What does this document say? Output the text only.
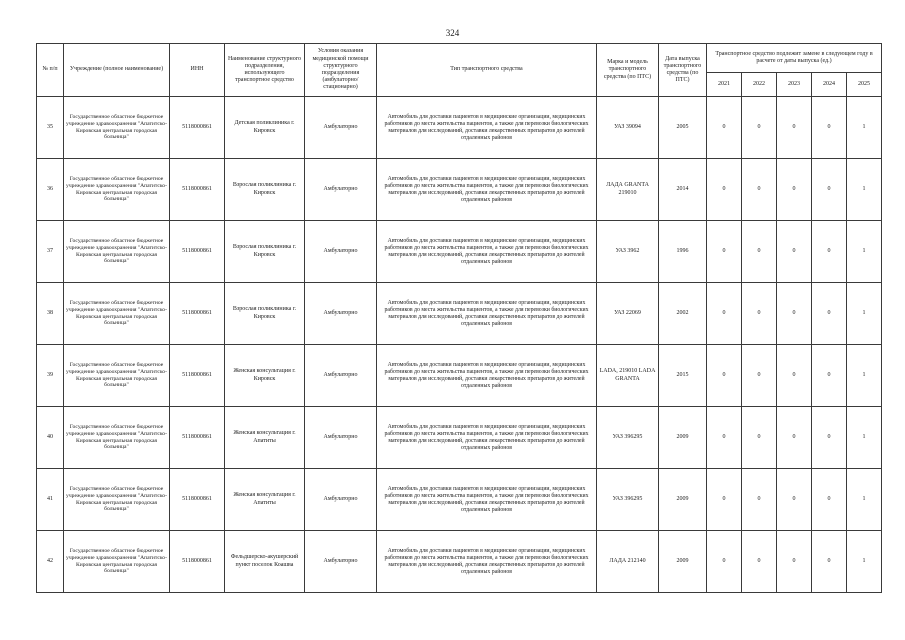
324
№ п/п	Учреждение (полное наименование)	ИНН	Наименование структурного подразделения, использующего транспортное средство	Условия оказания медицинской помощи структурного подразделения (амбулаторно/ стационарно)	Тип транспортного средства	Марка и модель транспортного средства (по ПТС)	Дата выпуска транспортного средства (по ПТС)	Транспортное средство подлежит замене в следующем году в расчете от даты выпуска (ед.)				
								2021	2022	2023	2024	2025
35	Государственное областное бюджетное учреждение здравоохранения "Апатитско-Кировская центральная городская больница"	5118000861	Детская поликлиника г. Кировск	Амбулаторно	Автомобиль для доставки пациентов в медицинские организации, медицинских работников до места жительства пациентов, а также для перевозки биологических материалов для исследований, доставки лекарственных препаратов до жителей отдаленных районов	УАЗ 39094	2005	0	0	0	0	1
36	Государственное областное бюджетное учреждение здравоохранения "Апатитско-Кировская центральная городская больница"	5118000861	Взрослая поликлиника г. Кировск	Амбулаторно	Автомобиль для доставки пациентов в медицинские организации, медицинских работников до места жительства пациентов, а также для перевозки биологических материалов для исследований, доставки лекарственных препаратов до жителей отдаленных районов	ЛАДА GRANTA 219010	2014	0	0	0	0	1
37	Государственное областное бюджетное учреждение здравоохранения "Апатитско-Кировская центральная городская больница"	5118000861	Взрослая поликлиника г. Кировск	Амбулаторно	Автомобиль для доставки пациентов в медицинские организации, медицинских работников до места жительства пациентов, а также для перевозки биологических материалов для исследований, доставки лекарственных препаратов до жителей отдаленных районов	УАЗ 3962	1996	0	0	0	0	1
38	Государственное областное бюджетное учреждение здравоохранения "Апатитско-Кировская центральная городская больница"	5118000861	Взрослая поликлиника г. Кировск	Амбулаторно	Автомобиль для доставки пациентов в медицинские организации, медицинских работников до места жительства пациентов, а также для перевозки биологических материалов для исследований, доставки лекарственных препаратов до жителей отдаленных районов	УАЗ 22069	2002	0	0	0	0	1
39	Государственное областное бюджетное учреждение здравоохранения "Апатитско-Кировская центральная городская больница"	5118000861	Женская консультация г. Кировск	Амбулаторно	Автомобиль для доставки пациентов в медицинские организации, медицинских работников до места жительства пациентов, а также для перевозки биологических материалов для исследований, доставки лекарственных препаратов до жителей отдаленных районов	LADA, 219010 LADA GRANTA	2015	0	0	0	0	1
40	Государственное областное бюджетное учреждение здравоохранения "Апатитско-Кировская центральная городская больница"	5118000861	Женская консультация г. Апатиты	Амбулаторно	Автомобиль для доставки пациентов в медицинские организации, медицинских работников до места жительства пациентов, а также для перевозки биологических материалов для исследований, доставки лекарственных препаратов до жителей отдаленных районов	УАЗ 396295	2009	0	0	0	0	1
41	Государственное областное бюджетное учреждение здравоохранения "Апатитско-Кировская центральная городская больница"	5118000861	Женская консультация г. Апатиты	Амбулаторно	Автомобиль для доставки пациентов в медицинские организации, медицинских работников до места жительства пациентов, а также для перевозки биологических материалов для исследований, доставки лекарственных препаратов до жителей отдаленных районов	УАЗ 396295	2009	0	0	0	0	1
42	Государственное областное бюджетное учреждение здравоохранения "Апатитско-Кировская центральная городская больница"	5118000861	Фельдшерско-акушерский пункт поселок Коашва	Амбулаторно	Автомобиль для доставки пациентов в медицинские организации, медицинских работников до места жительства пациентов, а также для перевозки биологических материалов для исследований, доставки лекарственных препаратов до жителей отдаленных районов	ЛАДА 212140	2009	0	0	0	0	1
